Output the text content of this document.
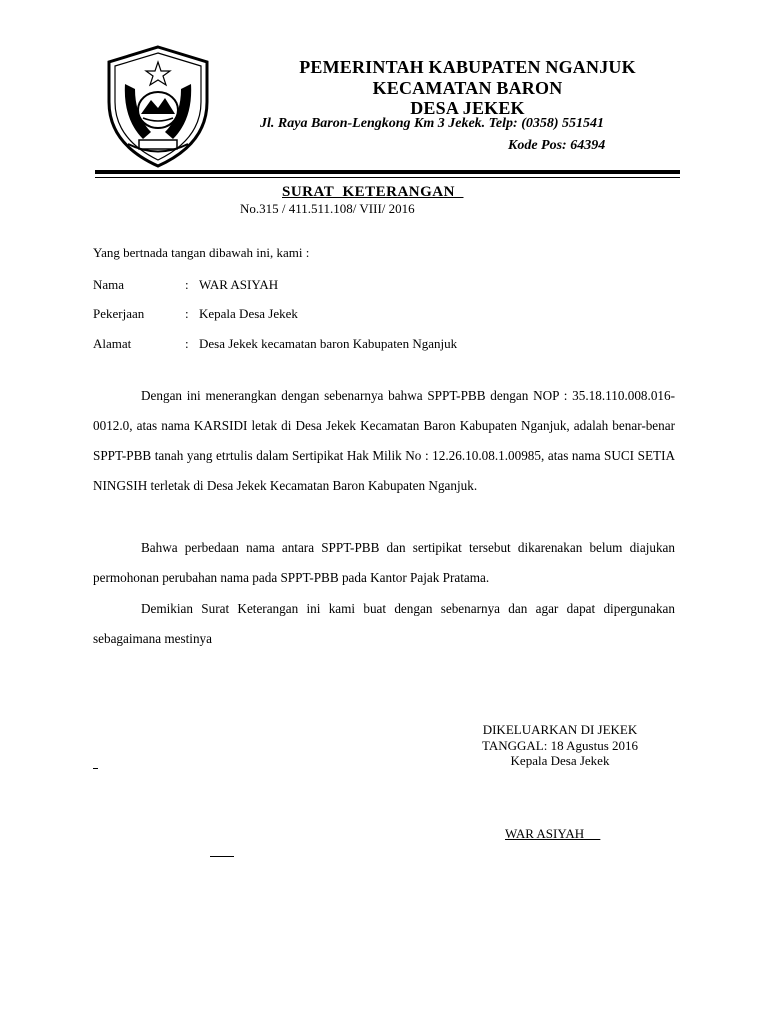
PEMERINTAH KABUPATEN NGANJUK
KECAMATAN BARON
DESA JEKEK
Jl. Raya Baron-Lengkong Km 3 Jekek. Telp: (0358) 551541
Kode Pos: 64394
SURAT  KETERANGAN
No.315 / 411.511.108/ VIII/ 2016
Yang bertnada tangan dibawah ini, kami :
Nama	: WAR ASIYAH
Pekerjaan	: Kepala Desa Jekek
Alamat	: Desa Jekek kecamatan baron Kabupaten Nganjuk

Dengan ini menerangkan dengan sebenarnya bahwa SPPT-PBB dengan NOP : 35.18.110.008.016-0012.0, atas nama KARSIDI letak di Desa Jekek Kecamatan Baron Kabupaten Nganjuk, adalah benar-benar SPPT-PBB tanah yang etrtulis dalam Sertipikat Hak Milik No : 12.26.10.08.1.00985, atas nama SUCI SETIA NINGSIH terletak di Desa Jekek Kecamatan Baron Kabupaten Nganjuk.

Bahwa perbedaan nama antara SPPT-PBB dan sertipikat tersebut dikarenakan belum diajukan permohonan perubahan nama pada SPPT-PBB pada Kantor Pajak Pratama.

Demikian Surat Keterangan ini kami buat dengan sebenarnya dan agar dapat dipergunakan sebagaimana mestinya

DIKELUARKAN DI JEKEK
TANGGAL: 18 Agustus 2016
Kepala Desa Jekek
WAR ASIYAH
